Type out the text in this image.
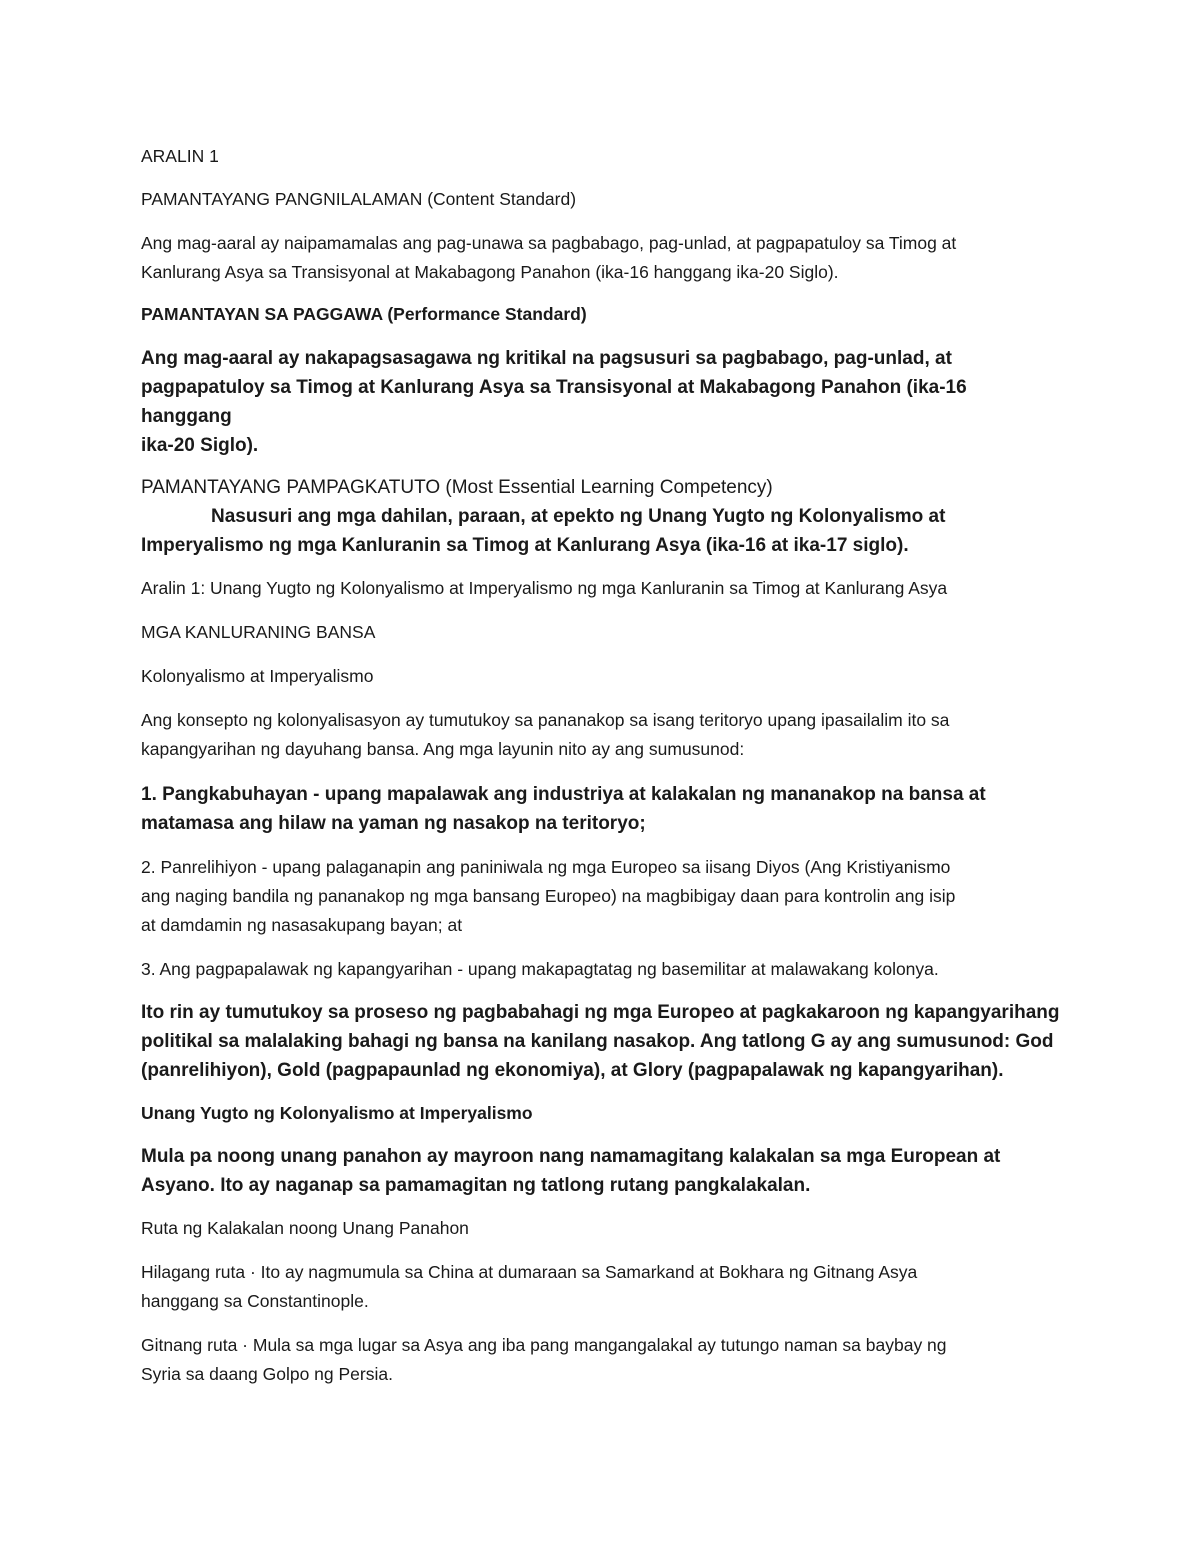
ARALIN 1

PAMANTAYANG PANGNILALAMAN (Content Standard)

Ang mag-aaral ay naipamamalas ang pag-unawa sa pagbabago, pag-unlad, at pagpapatuloy sa Timog at

Kanlurang Asya sa Transisyonal at Makabagong Panahon (ika-16 hanggang ika-20 Siglo).

PAMANTAYAN SA PAGGAWA (Performance Standard)

Ang mag-aaral ay nakapagsasagawa ng kritikal na pagsusuri sa pagbabago, pag-unlad, at

pagpapatuloy sa Timog at Kanlurang Asya sa Transisyonal at Makabagong Panahon (ika-16 hanggang

ika-20 Siglo).

PAMANTAYANG PAMPAGKATUTO (Most Essential Learning Competency)

Nasusuri ang mga dahilan, paraan, at epekto ng Unang Yugto ng Kolonyalismo at

Imperyalismo ng mga Kanluranin sa Timog at Kanlurang Asya (ika-16 at ika-17 siglo).

Aralin 1: Unang Yugto ng Kolonyalismo at Imperyalismo ng mga Kanluranin sa Timog at Kanlurang Asya

MGA KANLURANING BANSA

Kolonyalismo at Imperyalismo

Ang konsepto ng kolonyalisasyon ay tumutukoy sa pananakop sa isang teritoryo upang ipasailalim ito sa

kapangyarihan ng dayuhang bansa. Ang mga layunin nito ay ang sumusunod:

1. Pangkabuhayan - upang mapalawak ang industriya at kalakalan ng mananakop na bansa at

matamasa ang hilaw na yaman ng nasakop na teritoryo;

2. Panrelihiyon - upang palaganapin ang paniniwala ng mga Europeo sa iisang Diyos (Ang Kristiyanismo

ang naging bandila ng pananakop ng mga bansang Europeo) na magbibigay daan para kontrolin ang isip

at damdamin ng nasasakupang bayan; at

3. Ang pagpapalawak ng kapangyarihan - upang makapagtatag ng basemilitar at malawakang kolonya.

Ito rin ay tumutukoy sa proseso ng pagbabahagi ng mga Europeo at pagkakaroon ng kapangyarihang

politikal sa malalaking bahagi ng bansa na kanilang nasakop. Ang tatlong G ay ang sumusunod: God

(panrelihiyon), Gold (pagpapaunlad ng ekonomiya), at Glory (pagpapalawak ng kapangyarihan).

Unang Yugto ng Kolonyalismo at Imperyalismo

Mula pa noong unang panahon ay mayroon nang namamagitang kalakalan sa mga European at

Asyano. Ito ay naganap sa pamamagitan ng tatlong rutang pangkalakalan.

Ruta ng Kalakalan noong Unang Panahon

Hilagang ruta · Ito ay nagmumula sa China at dumaraan sa Samarkand at Bokhara ng Gitnang Asya

hanggang sa Constantinople.

Gitnang ruta · Mula sa mga lugar sa Asya ang iba pang mangangalakal ay tutungo naman sa baybay ng

Syria sa daang Golpo ng Persia.
